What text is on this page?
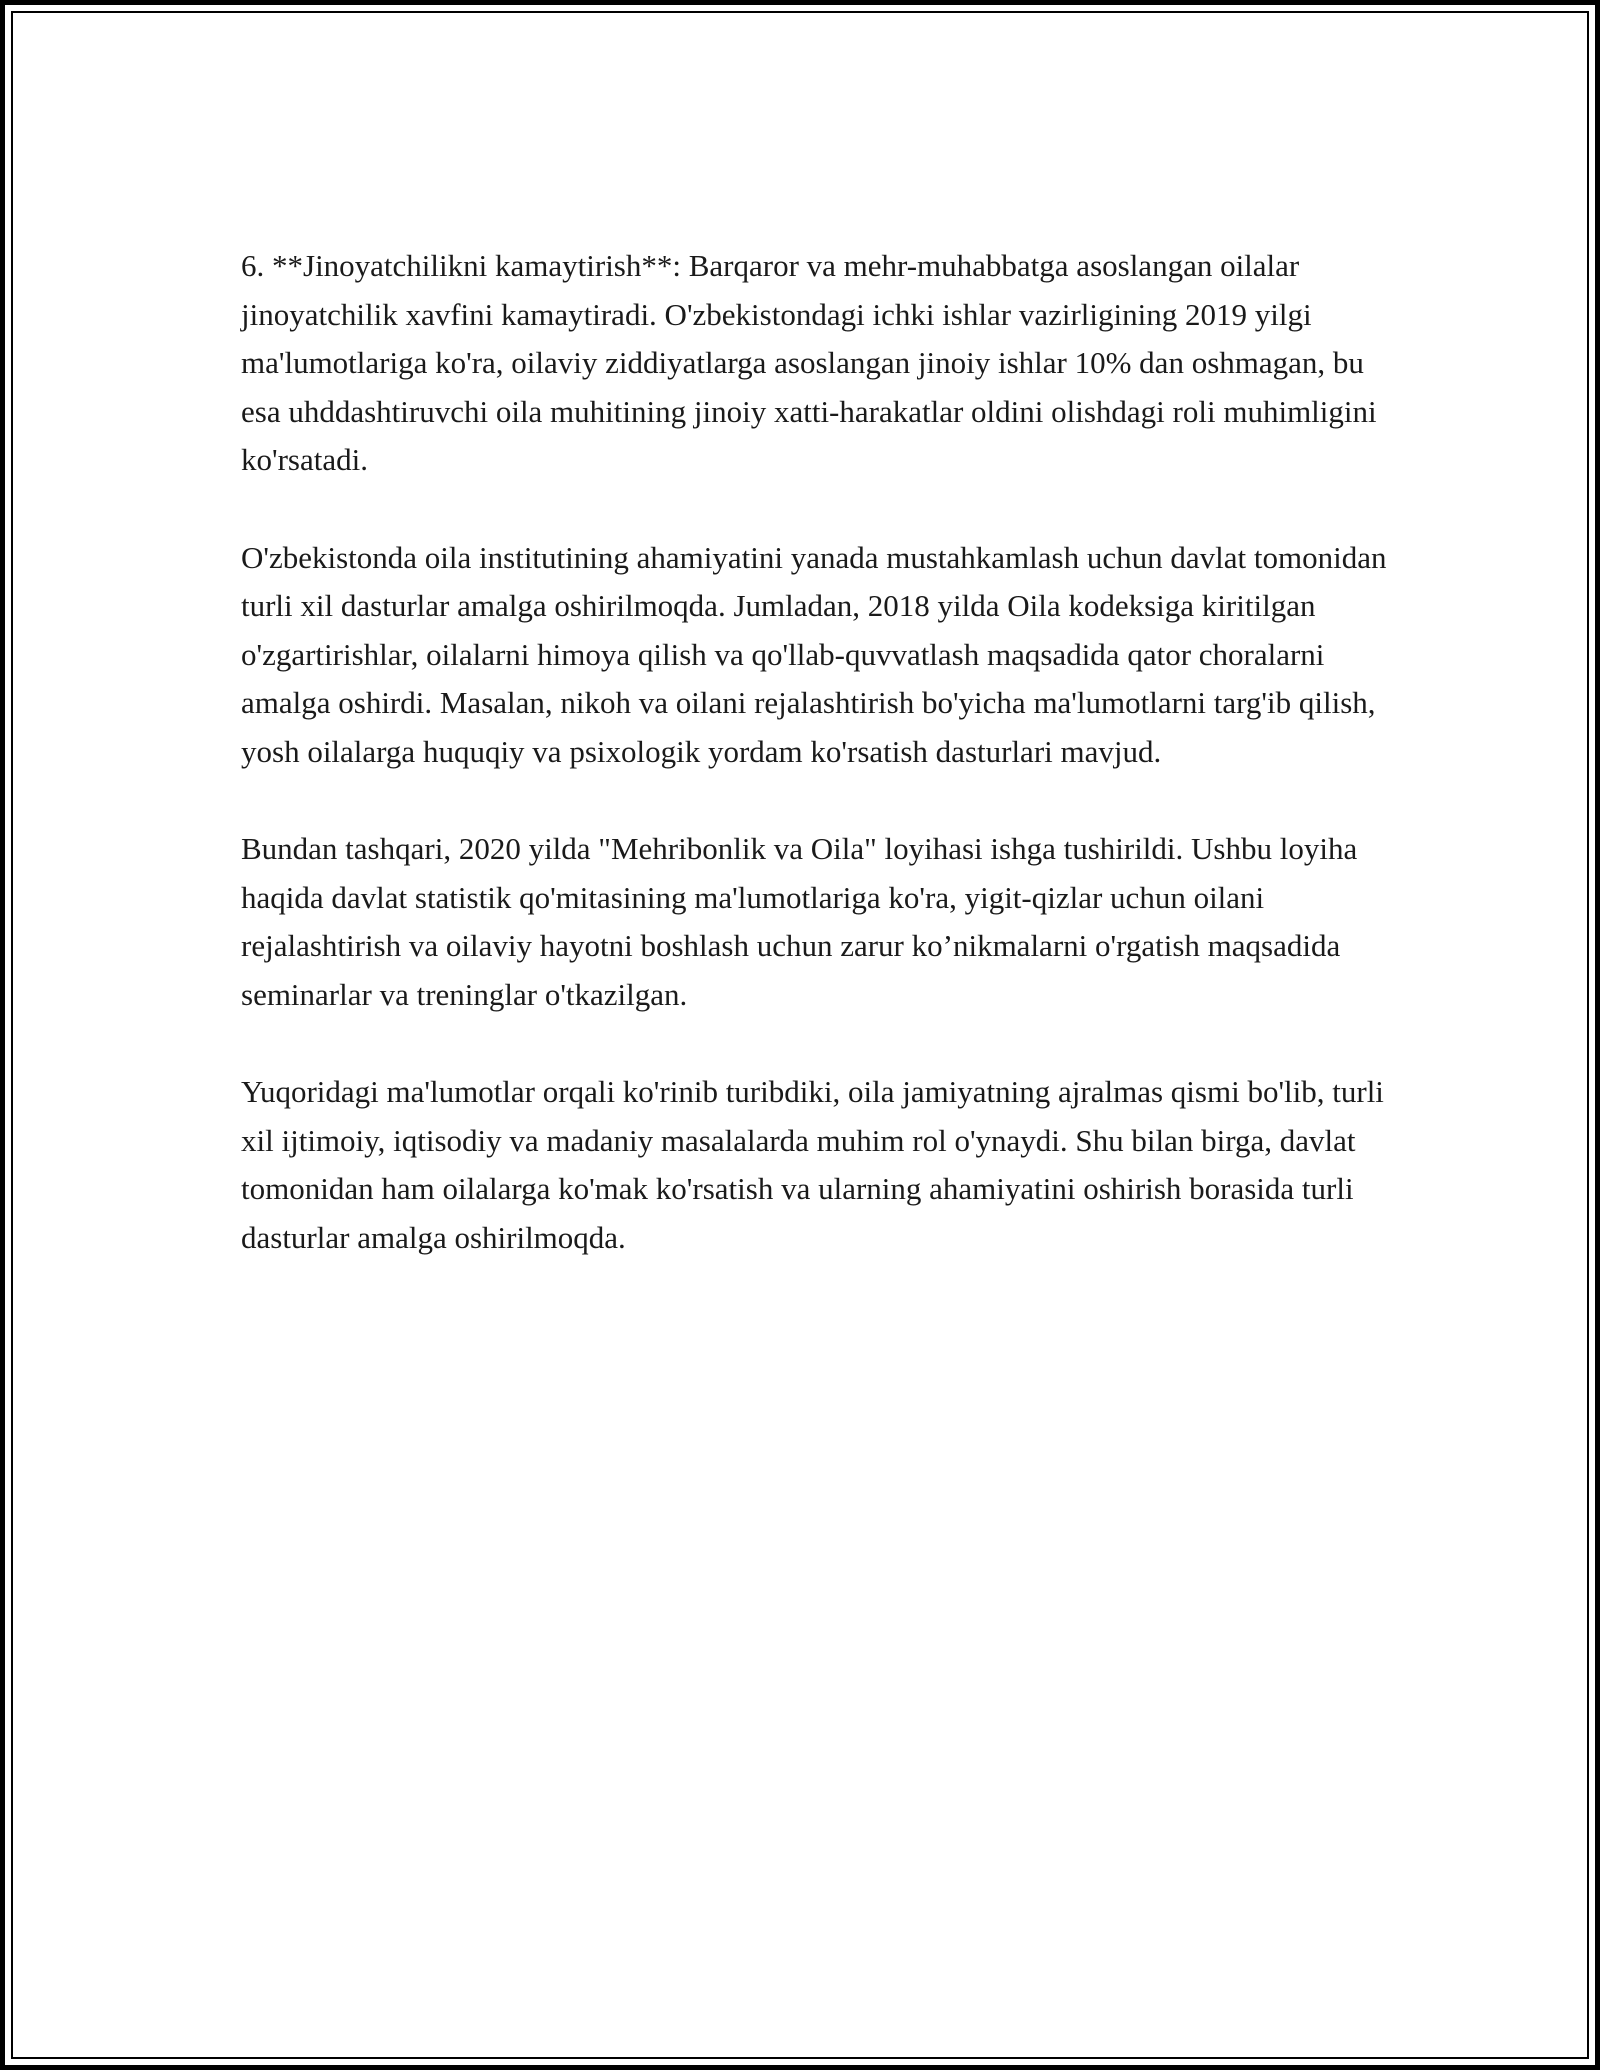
6. **Jinoyatchilikni kamaytirish**: Barqaror va mehr-muhabbatga asoslangan oilalar jinoyatchilik xavfini kamaytiradi. O'zbekistondagi ichki ishlar vazirligining 2019 yilgi ma'lumotlariga ko'ra, oilaviy ziddiyatlarga asoslangan jinoiy ishlar 10% dan oshmagan, bu esa uhddashtiruvchi oila muhitining jinoiy xatti-harakatlar oldini olishdagi roli muhimligini ko'rsatadi.

O'zbekistonda oila institutining ahamiyatini yanada mustahkamlash uchun davlat tomonidan turli xil dasturlar amalga oshirilmoqda. Jumladan, 2018 yilda Oila kodeksiga kiritilgan o'zgartirishlar, oilalarni himoya qilish va qo'llab-quvvatlash maqsadida qator choralarni amalga oshirdi. Masalan, nikoh va oilani rejalashtirish bo'yicha ma'lumotlarni targ'ib qilish, yosh oilalarga huquqiy va psixologik yordam ko'rsatish dasturlari mavjud.

Bundan tashqari, 2020 yilda "Mehribonlik va Oila" loyihasi ishga tushirildi. Ushbu loyiha haqida davlat statistik qo'mitasining ma'lumotlariga ko'ra, yigit-qizlar uchun oilani rejalashtirish va oilaviy hayotni boshlash uchun zarur ko’nikmalarni o'rgatish maqsadida seminarlar va treninglar o'tkazilgan.

Yuqoridagi ma'lumotlar orqali ko'rinib turibdiki, oila jamiyatning ajralmas qismi bo'lib, turli xil ijtimoiy, iqtisodiy va madaniy masalalarda muhim rol o'ynaydi. Shu bilan birga, davlat tomonidan ham oilalarga ko'mak ko'rsatish va ularning ahamiyatini oshirish borasida turli dasturlar amalga oshirilmoqda.
